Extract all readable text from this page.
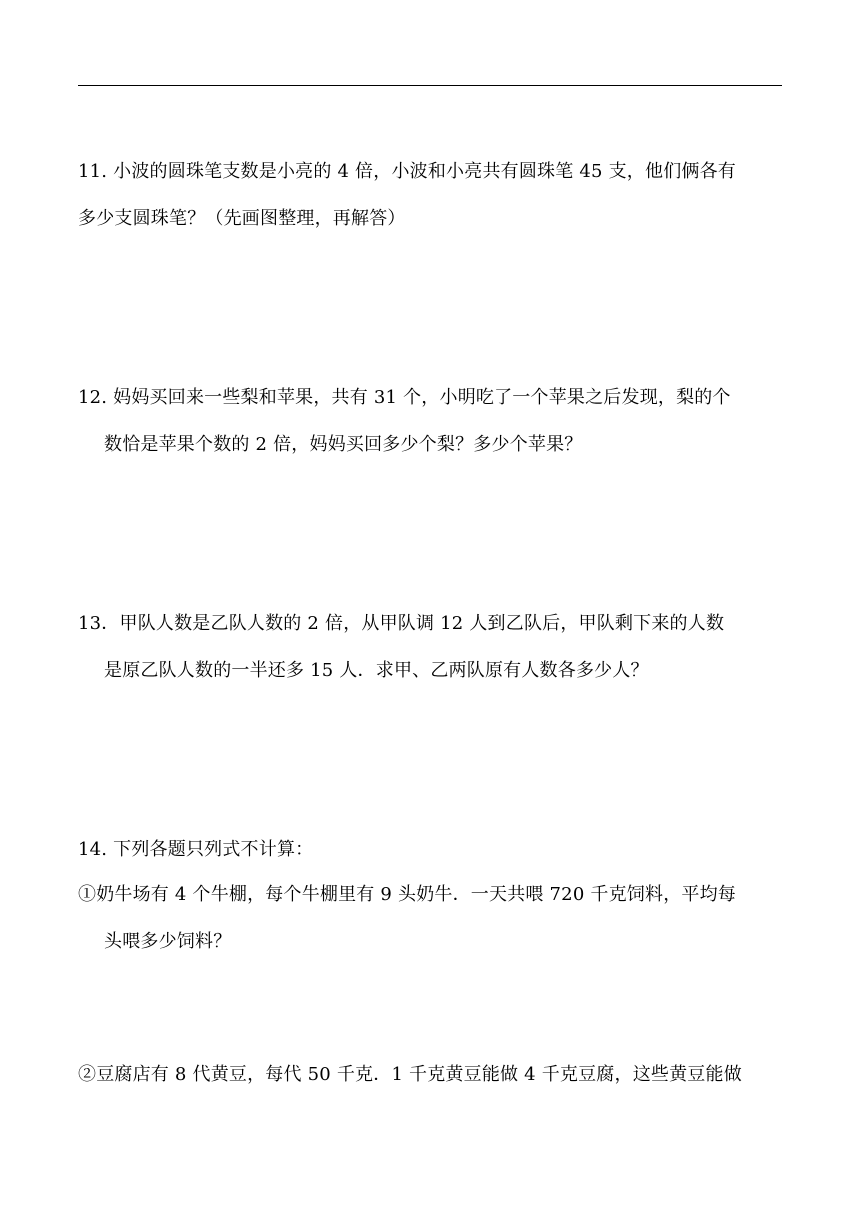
11. 小波的圆珠笔支数是小亮的 4 倍，小波和小亮共有圆珠笔 45 支，他们俩各有
多少支圆珠笔？（先画图整理，再解答）
12. 妈妈买回来一些梨和苹果，共有 31 个，小明吃了一个苹果之后发现，梨的个
数恰是苹果个数的 2 倍，妈妈买回多少个梨？多少个苹果？
13．甲队人数是乙队人数的 2 倍，从甲队调 12 人到乙队后，甲队剩下来的人数
是原乙队人数的一半还多 15 人．求甲、乙两队原有人数各多少人？
14. 下列各题只列式不计算：
①奶牛场有 4 个牛棚，每个牛棚里有 9 头奶牛．一天共喂 720 千克饲料，平均每
头喂多少饲料？
②豆腐店有 8 代黄豆，每代 50 千克．1 千克黄豆能做 4 千克豆腐，这些黄豆能做
